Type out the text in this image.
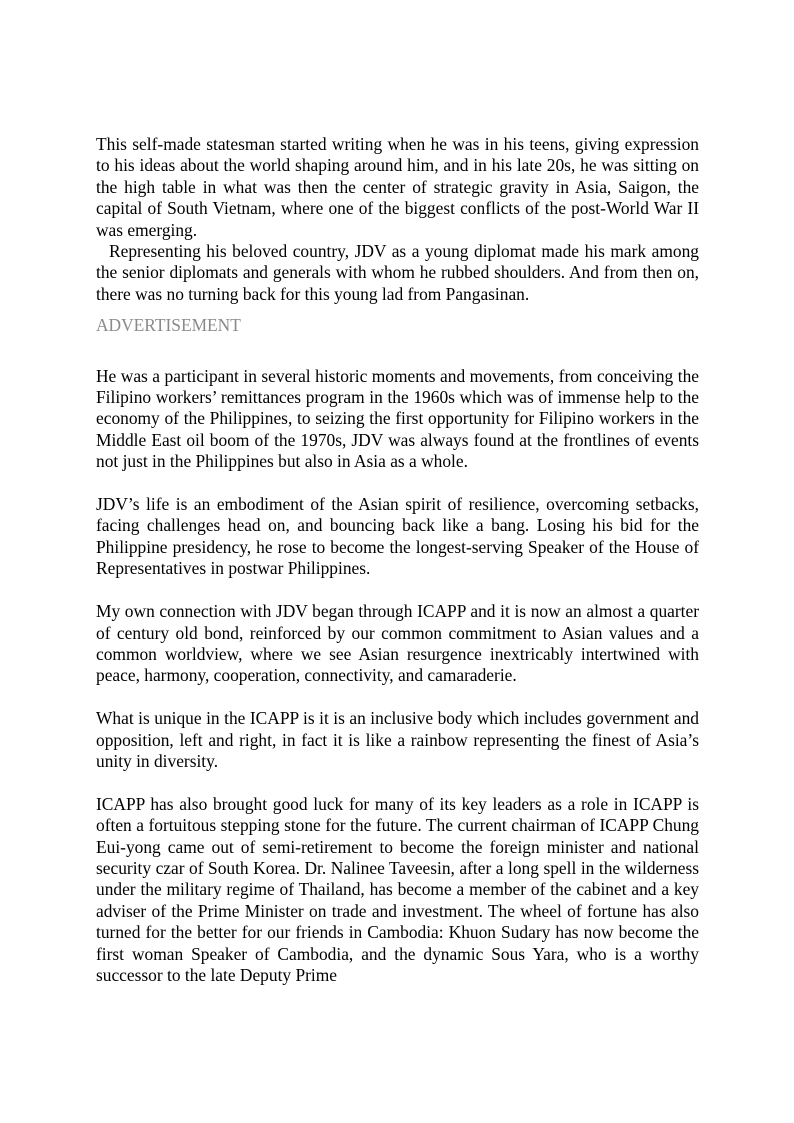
This self-made statesman started writing when he was in his teens, giving expression to his ideas about the world shaping around him, and in his late 20s, he was sitting on the high table in what was then the center of strategic gravity in Asia, Saigon, the capital of South Vietnam, where one of the biggest conflicts of the post-World War II was emerging.

Representing his beloved country, JDV as a young diplomat made his mark among the senior diplomats and generals with whom he rubbed shoulders. And from then on, there was no turning back for this young lad from Pangasinan.

ADVERTISEMENT

He was a participant in several historic moments and movements, from conceiving the Filipino workers’ remittances program in the 1960s which was of immense help to the economy of the Philippines, to seizing the first opportunity for Filipino workers in the Middle East oil boom of the 1970s, JDV was always found at the frontlines of events not just in the Philippines but also in Asia as a whole.

JDV’s life is an embodiment of the Asian spirit of resilience, overcoming setbacks, facing challenges head on, and bouncing back like a bang. Losing his bid for the Philippine presidency, he rose to become the longest-serving Speaker of the House of Representatives in postwar Philippines.

My own connection with JDV began through ICAPP and it is now an almost a quarter of century old bond, reinforced by our common commitment to Asian values and a common worldview, where we see Asian resurgence inextricably intertwined with peace, harmony, cooperation, connectivity, and camaraderie.

What is unique in the ICAPP is it is an inclusive body which includes government and opposition, left and right, in fact it is like a rainbow representing the finest of Asia’s unity in diversity.

ICAPP has also brought good luck for many of its key leaders as a role in ICAPP is often a fortuitous stepping stone for the future. The current chairman of ICAPP Chung Eui-yong came out of semi-retirement to become the foreign minister and national security czar of South Korea. Dr. Nalinee Taveesin, after a long spell in the wilderness under the military regime of Thailand, has become a member of the cabinet and a key adviser of the Prime Minister on trade and investment. The wheel of fortune has also turned for the better for our friends in Cambodia: Khuon Sudary has now become the first woman Speaker of Cambodia, and the dynamic Sous Yara, who is a worthy successor to the late Deputy Prime
